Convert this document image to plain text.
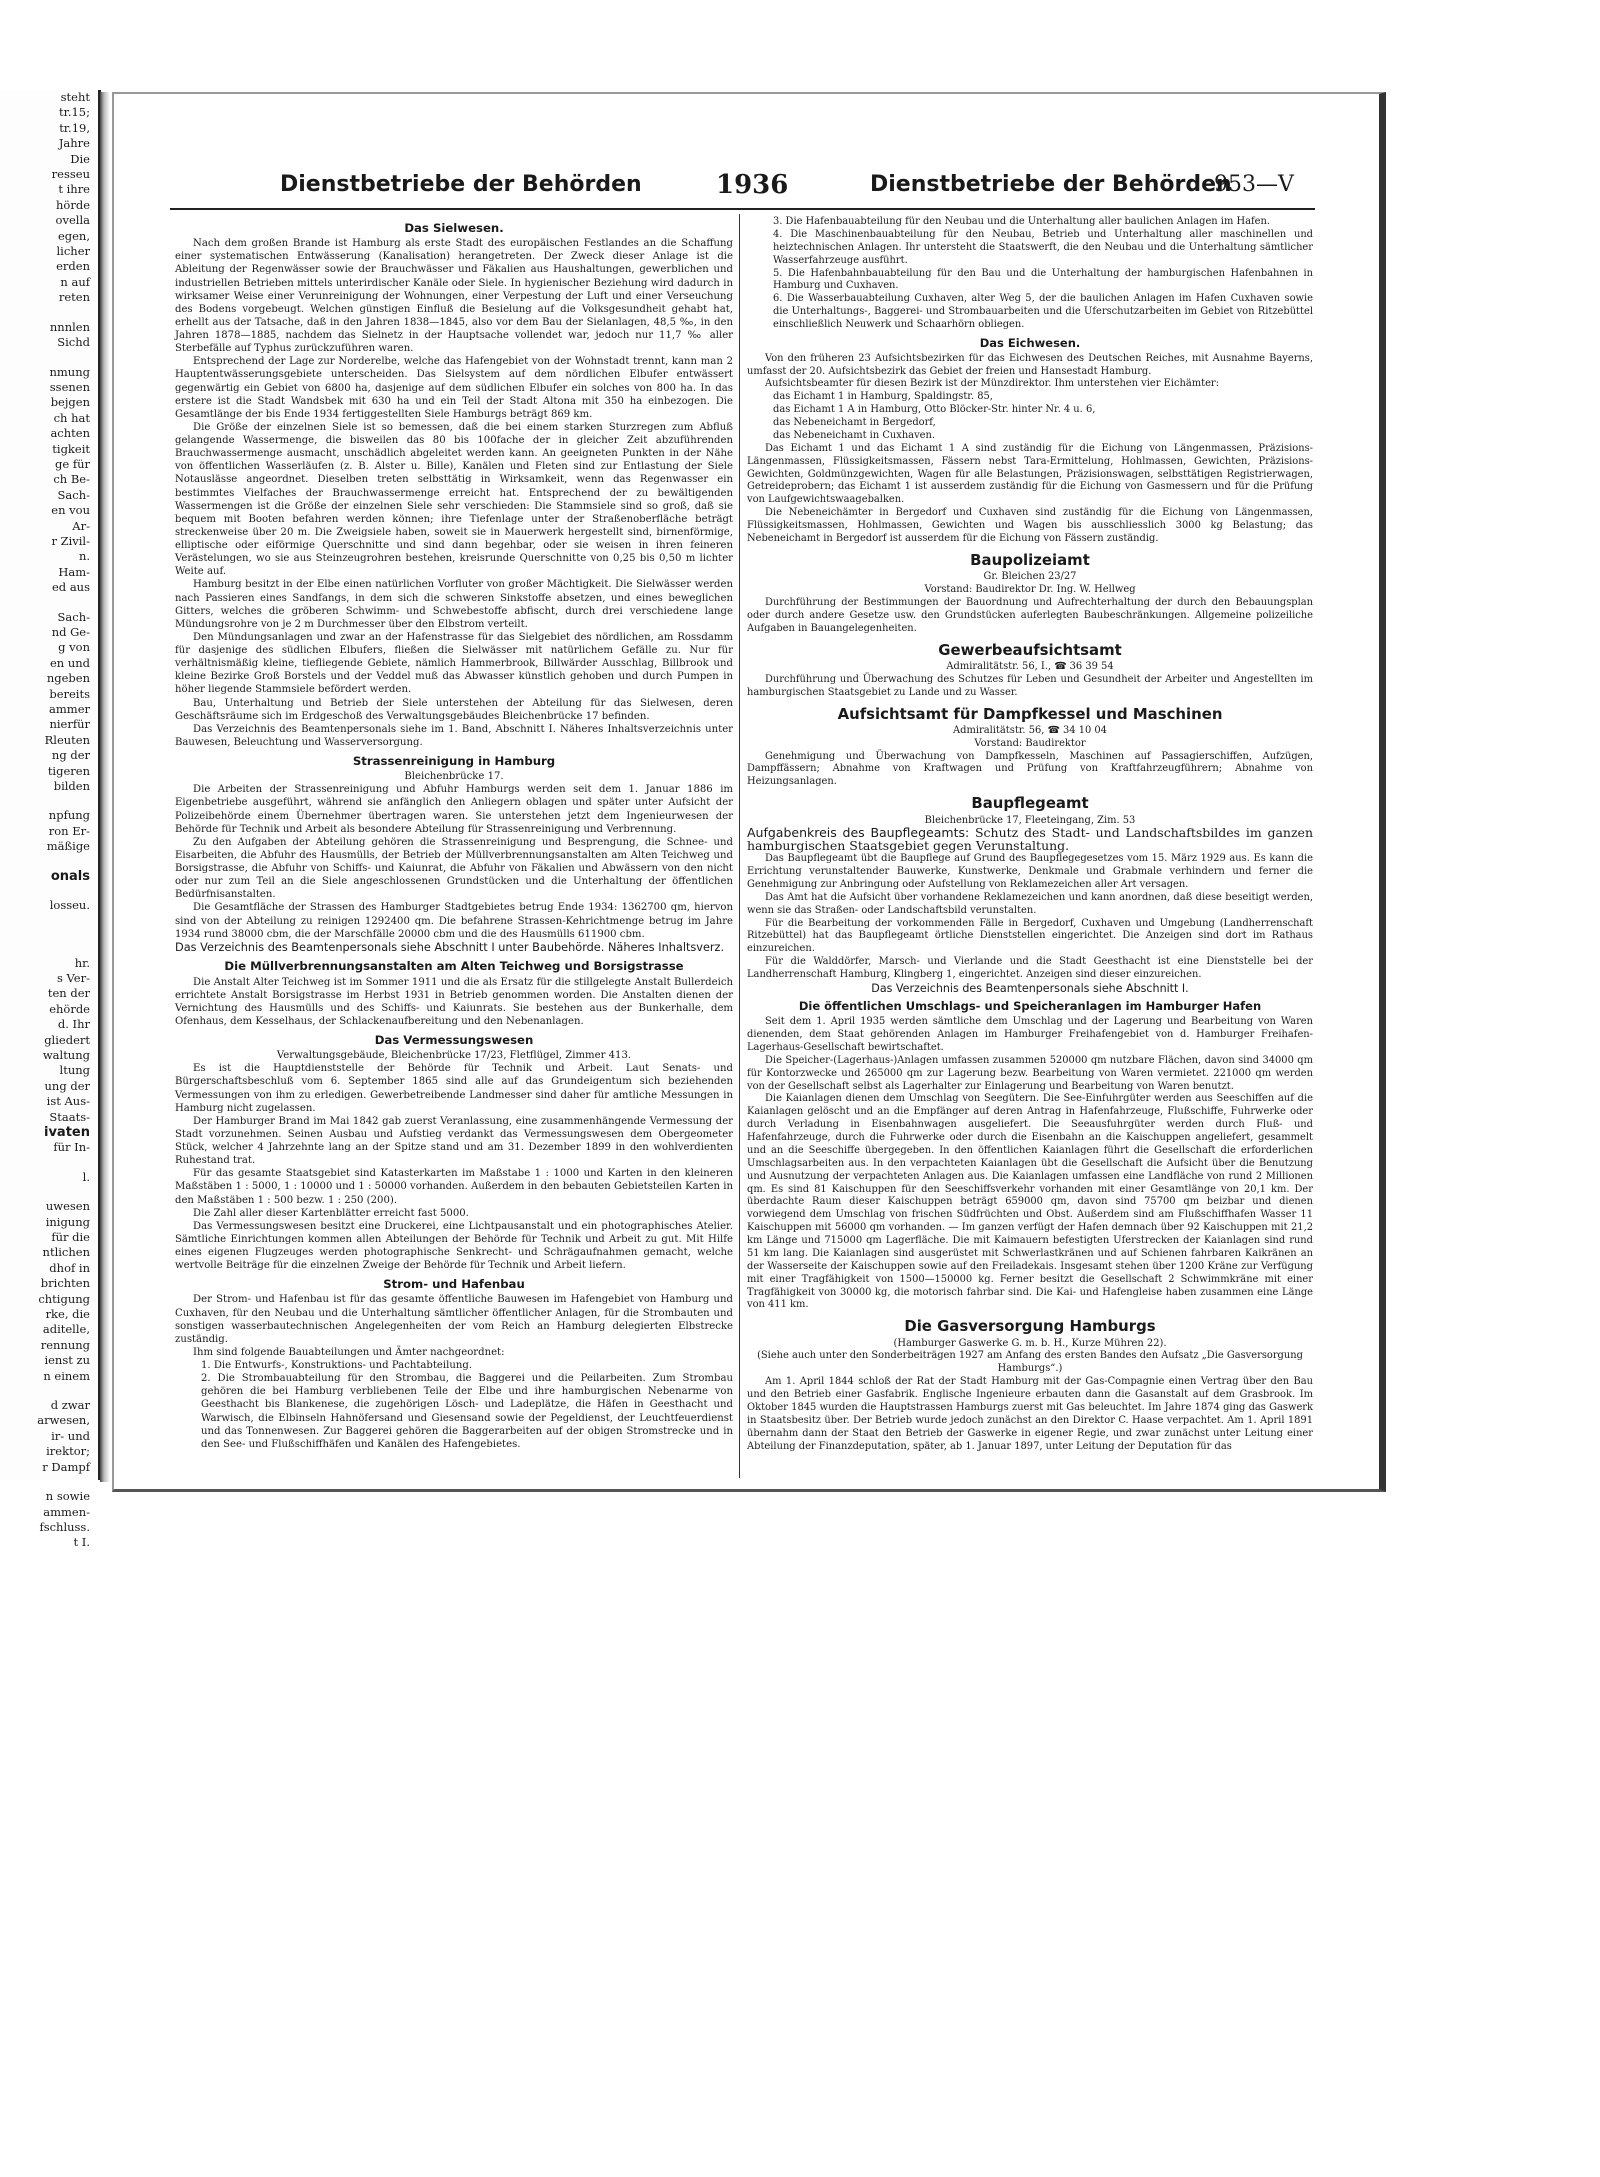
steht
tr.15;
tr.19,
Jahre
Die
resseu
t ihre
hörde
ovella
egen,
licher
erden
n auf
reten
nnnlen
Sichd
nmung
ssenen
bejgen
ch hat
achten
tigkeit
ge für
ch Be-
Sach-
en vou
Ar-
r Zivil-
n.
Ham-
ed aus
Sach-
nd Ge-
g von
en und
ngeben
bereits
ammer
nierfür
Rleuten
ng der
tigeren
bilden
npfung
ron Er-
mäßige
onals
losseu.
hr.
s Ver-
ten der
ehörde
d. Ihr
gliedert
waltung
ltung
ung der
ist Aus-
Staats-
ivaten
für In-
l.
uwesen
inigung
für die
ntlichen
dhof in
brichten
chtigung
rke, die
aditelle,
rennung
ienst zu
n einem
d zwar
arwesen,
ir- und
irektor;
r Dampf
n sowie
ammen-
fschluss.
t I.
Dienstbetriebe der Behörden	1936	Dienstbetriebe der Behörden
953—V
Das Sielwesen.

Nach dem großen Brande ist Hamburg als erste Stadt des europäischen Festlandes an die Schaffung einer systematischen Entwässerung (Kanalisation) herangetreten. Der Zweck dieser Anlage ist die Ableitung der Regenwässer sowie der Brauchwässer und Fäkalien aus Haushaltungen, gewerblichen und industriellen Betrieben mittels unterirdischer Kanäle oder Siele. In hygienischer Beziehung wird dadurch in wirksamer Weise einer Verunreinigung der Wohnungen, einer Verpestung der Luft und einer Verseuchung des Bodens vorgebeugt. Welchen günstigen Einfluß die Besielung auf die Volksgesundheit gehabt hat, erhellt aus der Tatsache, daß in den Jahren 1838—1845, also vor dem Bau der Sielanlagen, 48,5 ‰, in den Jahren 1878—1885, nachdem das Sielnetz in der Hauptsache vollendet war, jedoch nur 11,7 ‰ aller Sterbefälle auf Typhus zurückzuführen waren.

Entsprechend der Lage zur Norderelbe, welche das Hafengebiet von der Wohnstadt trennt, kann man 2 Hauptentwässerungsgebiete unterscheiden. Das Sielsystem auf dem nördlichen Elbufer entwässert gegenwärtig ein Gebiet von 6800 ha, dasjenige auf dem südlichen Elbufer ein solches von 800 ha. In das erstere ist die Stadt Wandsbek mit 630 ha und ein Teil der Stadt Altona mit 350 ha einbezogen. Die Gesamtlänge der bis Ende 1934 fertiggestellten Siele Hamburgs beträgt 869 km.

Die Größe der einzelnen Siele ist so bemessen, daß die bei einem starken Sturzregen zum Abfluß gelangende Wassermenge, die bisweilen das 80 bis 100fache der in gleicher Zeit abzuführenden Brauchwassermenge ausmacht, unschädlich abgeleitet werden kann. An geeigneten Punkten in der Nähe von öffentlichen Wasserläufen (z. B. Alster u. Bille), Kanälen und Fleten sind zur Entlastung der Siele Notauslässe angeordnet. Dieselben treten selbsttätig in Wirksamkeit, wenn das Regenwasser ein bestimmtes Vielfaches der Brauchwassermenge erreicht hat. Entsprechend der zu bewältigenden Wassermengen ist die Größe der einzelnen Siele sehr verschieden: Die Stammsiele sind so groß, daß sie bequem mit Booten befahren werden können; ihre Tiefenlage unter der Straßenoberfläche beträgt streckenweise über 20 m. Die Zweigsiele haben, soweit sie in Mauerwerk hergestellt sind, birnenförmige, elliptische oder eiförmige Querschnitte und sind dann begehbar, oder sie weisen in ihren feineren Verästelungen, wo sie aus Steinzeugrohren bestehen, kreisrunde Querschnitte von 0,25 bis 0,50 m lichter Weite auf.

Hamburg besitzt in der Elbe einen natürlichen Vorfluter von großer Mächtigkeit. Die Sielwässer werden nach Passieren eines Sandfangs, in dem sich die schweren Sinkstoffe absetzen, und eines beweglichen Gitters, welches die gröberen Schwimm- und Schwebestoffe abfischt, durch drei verschiedene lange Mündungsrohre von je 2 m Durchmesser über den Elbstrom verteilt.

Den Mündungsanlagen und zwar an der Hafenstrasse für das Sielgebiet des nördlichen, am Rossdamm für dasjenige des südlichen Elbufers, fließen die Sielwässer mit natürlichem Gefälle zu. Nur für verhältnismäßig kleine, tiefliegende Gebiete, nämlich Hammerbrook, Billwärder Ausschlag, Billbrook und kleine Bezirke Groß Borstels und der Veddel muß das Abwasser künstlich gehoben und durch Pumpen in höher liegende Stammsiele befördert werden.

Bau, Unterhaltung und Betrieb der Siele unterstehen der Abteilung für das Sielwesen, deren Geschäftsräume sich im Erdgeschoß des Verwaltungsgebäudes Bleichenbrücke 17 befinden.

Das Verzeichnis des Beamtenpersonals siehe im 1. Band, Abschnitt I. Näheres Inhaltsverzeichnis unter Bauwesen, Beleuchtung und Wasserversorgung.

Strassenreinigung in Hamburg

Bleichenbrücke 17.

Die Arbeiten der Strassenreinigung und Abfuhr Hamburgs werden seit dem 1. Januar 1886 im Eigenbetriebe ausgeführt, während sie anfänglich den Anliegern oblagen und später unter Aufsicht der Polizeibehörde einem Übernehmer übertragen waren. Sie unterstehen jetzt dem Ingenieurwesen der Behörde für Technik und Arbeit als besondere Abteilung für Strassenreinigung und Verbrennung.

Zu den Aufgaben der Abteilung gehören die Strassenreinigung und Besprengung, die Schnee- und Eisarbeiten, die Abfuhr des Hausmülls, der Betrieb der Müllverbrennungsanstalten am Alten Teichweg und Borsigstrasse, die Abfuhr von Schiffs- und Kaiunrat, die Abfuhr von Fäkalien und Abwässern von den nicht oder nur zum Teil an die Siele angeschlossenen Grundstücken und die Unterhaltung der öffentlichen Bedürfnisanstalten.

Die Gesamtfläche der Strassen des Hamburger Stadtgebietes betrug Ende 1934: 1362700 qm, hiervon sind von der Abteilung zu reinigen 1292400 qm. Die befahrene Strassen-Kehrichtmenge betrug im Jahre 1934 rund 38000 cbm, die der Marschfälle 20000 cbm und die des Hausmülls 611900 cbm.

Das Verzeichnis des Beamtenpersonals siehe Abschnitt I unter Baubehörde. Näheres Inhaltsverz.

Die Müllverbrennungsanstalten am Alten Teichweg und Borsigstrasse

Die Anstalt Alter Teichweg ist im Sommer 1911 und die als Ersatz für die stillgelegte Anstalt Bullerdeich errichtete Anstalt Borsigstrasse im Herbst 1931 in Betrieb genommen worden. Die Anstalten dienen der Vernichtung des Hausmülls und des Schiffs- und Kaiunrats. Sie bestehen aus der Bunkerhalle, dem Ofenhaus, dem Kesselhaus, der Schlackenaufbereitung und den Nebenanlagen.

Das Vermessungswesen

Verwaltungsgebäude, Bleichenbrücke 17/23, Fletflügel, Zimmer 413.

Es ist die Hauptdienststelle der Behörde für Technik und Arbeit. Laut Senats- und Bürgerschaftsbeschluß vom 6. September 1865 sind alle auf das Grundeigentum sich beziehenden Vermessungen von ihm zu erledigen. Gewerbetreibende Landmesser sind daher für amtliche Messungen in Hamburg nicht zugelassen.

Der Hamburger Brand im Mai 1842 gab zuerst Veranlassung, eine zusammenhängende Vermessung der Stadt vorzunehmen. Seinen Ausbau und Aufstieg verdankt das Vermessungswesen dem Obergeometer Stück, welcher 4 Jahrzehnte lang an der Spitze stand und am 31. Dezember 1899 in den wohlverdienten Ruhestand trat.

Für das gesamte Staatsgebiet sind Katasterkarten im Maßstabe 1 : 1000 und Karten in den kleineren Maßstäben 1 : 5000, 1 : 10000 und 1 : 50000 vorhanden. Außerdem in den bebauten Gebietsteilen Karten in den Maßstäben 1 : 500 bezw. 1 : 250 (200).

Die Zahl aller dieser Kartenblätter erreicht fast 5000.

Das Vermessungswesen besitzt eine Druckerei, eine Lichtpausanstalt und ein photographisches Atelier. Sämtliche Einrichtungen kommen allen Abteilungen der Behörde für Technik und Arbeit zu gut. Mit Hilfe eines eigenen Flugzeuges werden photographische Senkrecht- und Schrägaufnahmen gemacht, welche wertvolle Beiträge für die einzelnen Zweige der Behörde für Technik und Arbeit liefern.

Strom- und Hafenbau

Der Strom- und Hafenbau ist für das gesamte öffentliche Bauwesen im Hafengebiet von Hamburg und Cuxhaven, für den Neubau und die Unterhaltung sämtlicher öffentlicher Anlagen, für die Strombauten und sonstigen wasserbautechnischen Angelegenheiten der vom Reich an Hamburg delegierten Elbstrecke zuständig.

Ihm sind folgende Bauabteilungen und Ämter nachgeordnet:

1. Die Entwurfs-, Konstruktions- und Pachtabteilung.

2. Die Strombauabteilung für den Strombau, die Baggerei und die Peilarbeiten. Zum Strombau gehören die bei Hamburg verbliebenen Teile der Elbe und ihre hamburgischen Nebenarme von Geesthacht bis Blankenese, die zugehörigen Lösch- und Ladeplätze, die Häfen in Geesthacht und Warwisch, die Elbinseln Hahnöfersand und Giesensand sowie der Pegeldienst, der Leuchtfeuerdienst und das Tonnenwesen. Zur Baggerei gehören die Baggerarbeiten auf der obigen Stromstrecke und in den See- und Flußschiffhäfen und Kanälen des Hafengebietes.

3. Die Hafenbauabteilung für den Neubau und die Unterhaltung aller baulichen Anlagen im Hafen.

4. Die Maschinenbauabteilung für den Neubau, Betrieb und Unterhaltung aller maschinellen und heiztechnischen Anlagen. Ihr untersteht die Staatswerft, die den Neubau und die Unterhaltung sämtlicher Wasserfahrzeuge ausführt.

5. Die Hafenbahnbauabteilung für den Bau und die Unterhaltung der hamburgischen Hafenbahnen in Hamburg und Cuxhaven.

6. Die Wasserbauabteilung Cuxhaven, alter Weg 5, der die baulichen Anlagen im Hafen Cuxhaven sowie die Unterhaltungs-, Baggerei- und Strombauarbeiten und die Uferschutzarbeiten im Gebiet von Ritzebüttel einschließlich Neuwerk und Schaarhörn obliegen.

Das Eichwesen.

Von den früheren 23 Aufsichtsbezirken für das Eichwesen des Deutschen Reiches, mit Ausnahme Bayerns, umfasst der 20. Aufsichtsbezirk das Gebiet der freien und Hansestadt Hamburg.

Aufsichtsbeamter für diesen Bezirk ist der Münzdirektor. Ihm unterstehen vier Eichämter:

das Eichamt 1 in Hamburg, Spaldingstr. 85,

das Eichamt 1 A in Hamburg, Otto Blöcker-Str. hinter Nr. 4 u. 6,

das Nebeneichamt in Bergedorf,

das Nebeneichamt in Cuxhaven.

Das Eichamt 1 und das Eichamt 1 A sind zuständig für die Eichung von Längenmassen, Präzisions-Längenmassen, Flüssigkeitsmassen, Fässern nebst Tara-Ermittelung, Hohlmassen, Gewichten, Präzisions-Gewichten, Goldmünzgewichten, Wagen für alle Belastungen, Präzisionswagen, selbsttätigen Registrierwagen, Getreideprobern; das Eichamt 1 ist ausserdem zuständig für die Eichung von Gasmessern und für die Prüfung von Laufgewichtswaagebalken.

Die Nebeneichämter in Bergedorf und Cuxhaven sind zuständig für die Eichung von Längenmassen, Flüssigkeitsmassen, Hohlmassen, Gewichten und Wagen bis ausschliesslich 3000 kg Belastung; das Nebeneichamt in Bergedorf ist ausserdem für die Eichung von Fässern zuständig.

Baupolizeiamt

Gr. Bleichen 23/27

Vorstand: Baudirektor Dr. Ing. W. Hellweg

Durchführung der Bestimmungen der Bauordnung und Aufrechterhaltung der durch den Bebauungsplan oder durch andere Gesetze usw. den Grundstücken auferlegten Baubeschränkungen. Allgemeine polizeiliche Aufgaben in Bauangelegenheiten.

Gewerbeaufsichtsamt

Admiralitätstr. 56, I., ☎ 36 39 54

Durchführung und Überwachung des Schutzes für Leben und Gesundheit der Arbeiter und Angestellten im hamburgischen Staatsgebiet zu Lande und zu Wasser.

Aufsichtsamt für Dampfkessel und Maschinen

Admiralitätstr. 56, ☎ 34 10 04

Vorstand: Baudirektor

Genehmigung und Überwachung von Dampfkesseln, Maschinen auf Passagierschiffen, Aufzügen, Dampffässern; Abnahme von Kraftwagen und Prüfung von Kraftfahrzeugführern; Abnahme von Heizungsanlagen.

Baupflegeamt

Bleichenbrücke 17, Fleeteingang, Zim. 53

Aufgabenkreis des Baupflegeamts: Schutz des Stadt- und Landschaftsbildes im ganzen hamburgischen Staatsgebiet gegen Verunstaltung.

Das Baupflegeamt übt die Baupflege auf Grund des Baupflegegesetzes vom 15. März 1929 aus. Es kann die Errichtung verunstaltender Bauwerke, Kunstwerke, Denkmale und Grabmale verhindern und ferner die Genehmigung zur Anbringung oder Aufstellung von Reklamezeichen aller Art versagen.

Das Amt hat die Aufsicht über vorhandene Reklamezeichen und kann anordnen, daß diese beseitigt werden, wenn sie das Straßen- oder Landschaftsbild verunstalten.

Für die Bearbeitung der vorkommenden Fälle in Bergedorf, Cuxhaven und Umgebung (Landherrenschaft Ritzebüttel) hat das Baupflegeamt örtliche Dienststellen eingerichtet. Die Anzeigen sind dort im Rathaus einzureichen.

Für die Walddörfer, Marsch- und Vierlande und die Stadt Geesthacht ist eine Dienststelle bei der Landherrenschaft Hamburg, Klingberg 1, eingerichtet. Anzeigen sind dieser einzureichen.

Das Verzeichnis des Beamtenpersonals siehe Abschnitt I.

Die öffentlichen Umschlags- und Speicheranlagen im Hamburger Hafen

Seit dem 1. April 1935 werden sämtliche dem Umschlag und der Lagerung und Bearbeitung von Waren dienenden, dem Staat gehörenden Anlagen im Hamburger Freihafengebiet von d. Hamburger Freihafen-Lagerhaus-Gesellschaft bewirtschaftet.

Die Speicher-(Lagerhaus-)Anlagen umfassen zusammen 520000 qm nutzbare Flächen, davon sind 34000 qm für Kontorzwecke und 265000 qm zur Lagerung bezw. Bearbeitung von Waren vermietet. 221000 qm werden von der Gesellschaft selbst als Lagerhalter zur Einlagerung und Bearbeitung von Waren benutzt.

Die Kaianlagen dienen dem Umschlag von Seegütern. Die See-Einfuhrgüter werden aus Seeschiffen auf die Kaianlagen gelöscht und an die Empfänger auf deren Antrag in Hafenfahrzeuge, Flußschiffe, Fuhrwerke oder durch Verladung in Eisenbahnwagen ausgeliefert. Die Seeausfuhrgüter werden durch Fluß- und Hafenfahrzeuge, durch die Fuhrwerke oder durch die Eisenbahn an die Kaischuppen angeliefert, gesammelt und an die Seeschiffe übergegeben. In den öffentlichen Kaianlagen führt die Gesellschaft die erforderlichen Umschlagsarbeiten aus. In den verpachteten Kaianlagen übt die Gesellschaft die Aufsicht über die Benutzung und Ausnutzung der verpachteten Anlagen aus. Die Kaianlagen umfassen eine Landfläche von rund 2 Millionen qm. Es sind 81 Kaischuppen für den Seeschiffsverkehr vorhanden mit einer Gesamtlänge von 20,1 km. Der überdachte Raum dieser Kaischuppen beträgt 659000 qm, davon sind 75700 qm beizbar und dienen vorwiegend dem Umschlag von frischen Südfrüchten und Obst. Außerdem sind am Flußschiffhafen Wasser 11 Kaischuppen mit 56000 qm vorhanden. — Im ganzen verfügt der Hafen demnach über 92 Kaischuppen mit 21,2 km Länge und 715000 qm Lagerfläche. Die mit Kaimauern befestigten Uferstrecken der Kaianlagen sind rund 51 km lang. Die Kaianlagen sind ausgerüstet mit Schwerlastkränen und auf Schienen fahrbaren Kaikränen an der Wasserseite der Kaischuppen sowie auf den Freiladekais. Insgesamt stehen über 1200 Kräne zur Verfügung mit einer Tragfähigkeit von 1500—150000 kg. Ferner besitzt die Gesellschaft 2 Schwimmkräne mit einer Tragfähigkeit von 30000 kg, die motorisch fahrbar sind. Die Kai- und Hafengleise haben zusammen eine Länge von 411 km.

Die Gasversorgung Hamburgs

(Hamburger Gaswerke G. m. b. H., Kurze Mühren 22).

(Siehe auch unter den Sonderbeiträgen 1927 am Anfang des ersten Bandes den Aufsatz „Die Gasversorgung Hamburgs“.)

Am 1. April 1844 schloß der Rat der Stadt Hamburg mit der Gas-Compagnie einen Vertrag über den Bau und den Betrieb einer Gasfabrik. Englische Ingenieure erbauten dann die Gasanstalt auf dem Grasbrook. Im Oktober 1845 wurden die Hauptstrassen Hamburgs zuerst mit Gas beleuchtet. Im Jahre 1874 ging das Gaswerk in Staatsbesitz über. Der Betrieb wurde jedoch zunächst an den Direktor C. Haase verpachtet. Am 1. April 1891 übernahm dann der Staat den Betrieb der Gaswerke in eigener Regie, und zwar zunächst unter Leitung einer Abteilung der Finanzdeputation, später, ab 1. Januar 1897, unter Leitung der Deputation für das
